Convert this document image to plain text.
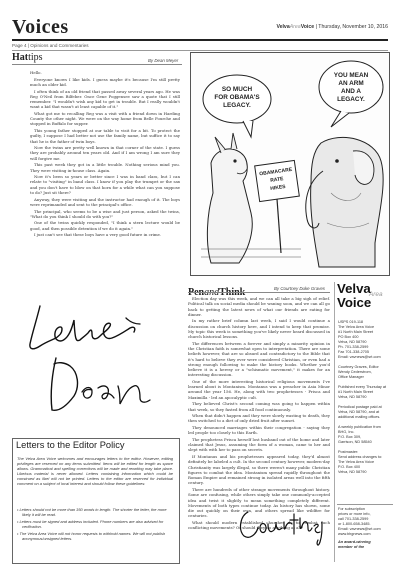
Voices	VelvaAreaVoice | Thursday, November 10, 2016
Page 4 | Opinions and Commentaries
Hattips	By Dean Meyer

Hello.

Everyone knows I like kids. I guess maybe it's because I'm still pretty much an older kid.

I often think of an old friend that passed away several years ago. He was Reg O'Neil from Bilfeber. Once Gene Poggensee saw a quote that I still remember. "I wouldn't wish any kid to get in trouble. But I really wouldn't want a kid that wasn't at least capable of it."

What got me to recalling Reg was a visit with a friend down in Harding County the other night. We were on the way home from Belle Fourche and stopped in Buffalo for supper.

This young father stopped at our table to visit for a bit. To protect the guilty, I suppose I had better not use the family name, but suffice it to say that he is the father of twin boys.

Now the twins are pretty well known in that corner of the state. I guess they are probably around ten years old. And if I am wrong I am sure they will forgive me.

This past week they got in a little trouble. Nothing serious mind you. They were visiting in-house class. Again.

Now it's been so years or better since I was in band class, but I can relate to "visiting" in band class. I know if you play the trumpet or the sax and you don't have to blow on that horn for a while what can you suppose to do? Just sit there?

Anyway, they were visiting and the instructor had enough of it. The boys were reprimanded and sent to the principal's office.

The principal, who seems to be a wise and just person, asked the twins, "What do you think I should do with you?"

One of the twins quickly responded, "I think a stern lecture would be good, and then possible detention if we do it again."

I just can't see that these boys have a very good future in crime.

Letters to the Editor Policy
The Velva Area Voice welcomes and encourages letters to the editor. However, editing privileges are reserved on any items submitted. Items will be edited for length as space allows. Grammatical and spelling corrections will be made and rewriting may take place. Libelous material is never allowed. Letters containing information which could be construed as libel will not be printed. Letters to the editor are reserved for individual comment on a subject of local interest and should follow these guidelines:
• Letters should not be more than 350 words in length. The shorter the letter, the more likely it will be read.
• Letters must be signed and address included. Phone numbers are also advised for verification.
• The Velva Area Voice will not honor requests to withhold names. We will not publish anonymous/unsigned letters.
SO MUCH
FOR OBAMA'S
LEGACY.
YOU MEAN
AN ARM
AND A
LEGACY.
OBAMACARE
RATE
HIKES
PenandThink	By Courtney Duke Graves

Election day was this week, and we can all take a big sigh of relief. Political talk on social media should be waning soon, and we can all go back to getting the latest news of what our friends are eating for dinner.

In my rather brief column last week, I said I would continue a discussion on church history here, and I intend to keep that promise. My topic this week is something you've likely never heard discussed in church historical lessons.

The differences between a forever and simply a minority opinion in the Christian faith is somewhat open to interpretation. There are some beliefs however, that are so absurd and contradictory to the Bible that it's hard to believe they ever were considered Christian, or even had a strong enough following to make the history books. Whether you'd believe it is a heresy or a "schismatic movement," it makes for an interesting discussion.

One of the more interesting historical religious movements I've learned about is Montanism. Montanus was a preacher in Asia Minor around the year 156. He, along with two prophetesses - Prisca and Maximilla - led an apocalyptic cult.

They believed Christ's second coming was going to happen within that week, so they fasted from all food continuously.

When that didn't happen and they were slowly wasting to death, they then switched to a diet of only dried fruit after sunset.

They denounced marriages within their congregation - saying they led people too closely to this Earth.

The prophetess Prisca herself lost husband out of the home and later claimed that Jesus, assuming the form of a woman, came to her and slept with with her to pass on secrets.

If Montanus and his prophetesses appeared today, they'd almost definitely be labeled a cult. In the second century however, modern-day Christianity was largely illegal, so there weren't many public Christian figures to combat the idea. Montanism spread rapidly throughout the Roman Empire and remained strong in isolated areas well into the fifth century.

There are hundreds of other strange movements throughout history. Some are confusing, while others simply take one commonly-accepted idea and twist it slightly to mean something completely different. Movements of both types continue today. As history has shown, some die out quickly on their own, and others spread like wildfire for centuries.

What should modern established churches do to combat such conflicting movements? Or should they do anything at all?

Velva
Area
Voice

USPS 019-118

The Velva Area Voice

#1 North Main Street

PO Box 400

Velva, ND 58790

Ph. 701-338-2599

Fax 701-338-2705

Email: vavnews@srt.com

Courtney Graves, Editor

Wendy Cederstrom,

Office Manager

Published every Thursday at

#1 North Main Street

Velva, ND 58790

Periodical postage paid at

Velva, ND 58790, and at

additional mailing offices.

A weekly publication from

BHG, Inc.

P.O. Box 309,

Garrison, ND 58540

Postmaster:

Send address changes to:

The Velva Area Voice

P.O. Box 400

Velva, ND 58790

For subscription

prices or more info,

call 701-338-2599

or 1-800-658-3485.

Email: vavnews@srt.com

www.bhgnews.com

An award-winning

member of the
